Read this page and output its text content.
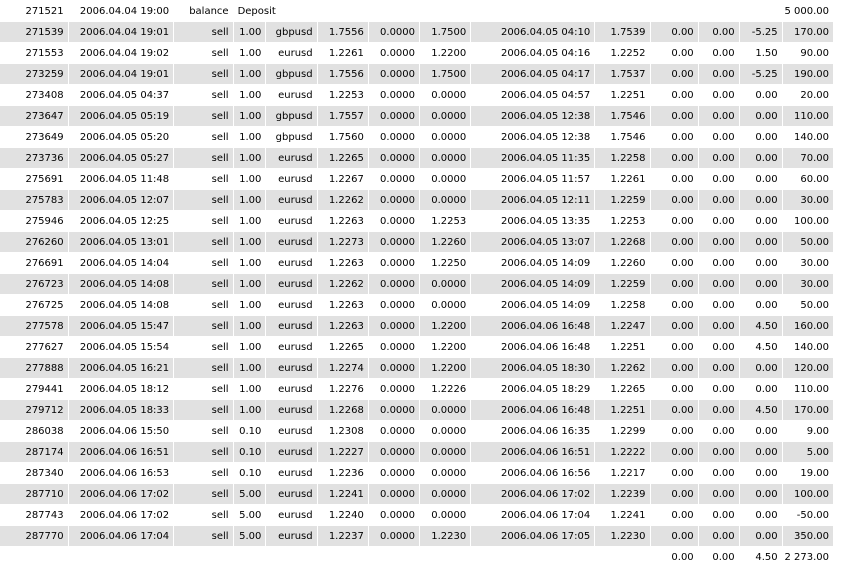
271521	2006.04.04 19:00	balance	Deposit										5 000.00
271539	2006.04.04 19:01	sell	1.00	gbpusd	1.7556	0.0000	1.7500	2006.04.05 04:10	1.7539	0.00	0.00	-5.25	170.00
271553	2006.04.04 19:02	sell	1.00	eurusd	1.2261	0.0000	1.2200	2006.04.05 04:16	1.2252	0.00	0.00	1.50	90.00
273259	2006.04.04 19:01	sell	1.00	gbpusd	1.7556	0.0000	1.7500	2006.04.05 04:17	1.7537	0.00	0.00	-5.25	190.00
273408	2006.04.05 04:37	sell	1.00	eurusd	1.2253	0.0000	0.0000	2006.04.05 04:57	1.2251	0.00	0.00	0.00	20.00
273647	2006.04.05 05:19	sell	1.00	gbpusd	1.7557	0.0000	0.0000	2006.04.05 12:38	1.7546	0.00	0.00	0.00	110.00
273649	2006.04.05 05:20	sell	1.00	gbpusd	1.7560	0.0000	0.0000	2006.04.05 12:38	1.7546	0.00	0.00	0.00	140.00
273736	2006.04.05 05:27	sell	1.00	eurusd	1.2265	0.0000	0.0000	2006.04.05 11:35	1.2258	0.00	0.00	0.00	70.00
275691	2006.04.05 11:48	sell	1.00	eurusd	1.2267	0.0000	0.0000	2006.04.05 11:57	1.2261	0.00	0.00	0.00	60.00
275783	2006.04.05 12:07	sell	1.00	eurusd	1.2262	0.0000	0.0000	2006.04.05 12:11	1.2259	0.00	0.00	0.00	30.00
275946	2006.04.05 12:25	sell	1.00	eurusd	1.2263	0.0000	1.2253	2006.04.05 13:35	1.2253	0.00	0.00	0.00	100.00
276260	2006.04.05 13:01	sell	1.00	eurusd	1.2273	0.0000	1.2260	2006.04.05 13:07	1.2268	0.00	0.00	0.00	50.00
276691	2006.04.05 14:04	sell	1.00	eurusd	1.2263	0.0000	1.2250	2006.04.05 14:09	1.2260	0.00	0.00	0.00	30.00
276723	2006.04.05 14:08	sell	1.00	eurusd	1.2262	0.0000	0.0000	2006.04.05 14:09	1.2259	0.00	0.00	0.00	30.00
276725	2006.04.05 14:08	sell	1.00	eurusd	1.2263	0.0000	0.0000	2006.04.05 14:09	1.2258	0.00	0.00	0.00	50.00
277578	2006.04.05 15:47	sell	1.00	eurusd	1.2263	0.0000	1.2200	2006.04.06 16:48	1.2247	0.00	0.00	4.50	160.00
277627	2006.04.05 15:54	sell	1.00	eurusd	1.2265	0.0000	1.2200	2006.04.06 16:48	1.2251	0.00	0.00	4.50	140.00
277888	2006.04.05 16:21	sell	1.00	eurusd	1.2274	0.0000	1.2200	2006.04.05 18:30	1.2262	0.00	0.00	0.00	120.00
279441	2006.04.05 18:12	sell	1.00	eurusd	1.2276	0.0000	1.2226	2006.04.05 18:29	1.2265	0.00	0.00	0.00	110.00
279712	2006.04.05 18:33	sell	1.00	eurusd	1.2268	0.0000	0.0000	2006.04.06 16:48	1.2251	0.00	0.00	4.50	170.00
286038	2006.04.06 15:50	sell	0.10	eurusd	1.2308	0.0000	0.0000	2006.04.06 16:35	1.2299	0.00	0.00	0.00	9.00
287174	2006.04.06 16:51	sell	0.10	eurusd	1.2227	0.0000	0.0000	2006.04.06 16:51	1.2222	0.00	0.00	0.00	5.00
287340	2006.04.06 16:53	sell	0.10	eurusd	1.2236	0.0000	0.0000	2006.04.06 16:56	1.2217	0.00	0.00	0.00	19.00
287710	2006.04.06 17:02	sell	5.00	eurusd	1.2241	0.0000	0.0000	2006.04.06 17:02	1.2239	0.00	0.00	0.00	100.00
287743	2006.04.06 17:02	sell	5.00	eurusd	1.2240	0.0000	0.0000	2006.04.06 17:04	1.2241	0.00	0.00	0.00	-50.00
287770	2006.04.06 17:04	sell	5.00	eurusd	1.2237	0.0000	1.2230	2006.04.06 17:05	1.2230	0.00	0.00	0.00	350.00
										0.00	0.00	4.50	2 273.00
